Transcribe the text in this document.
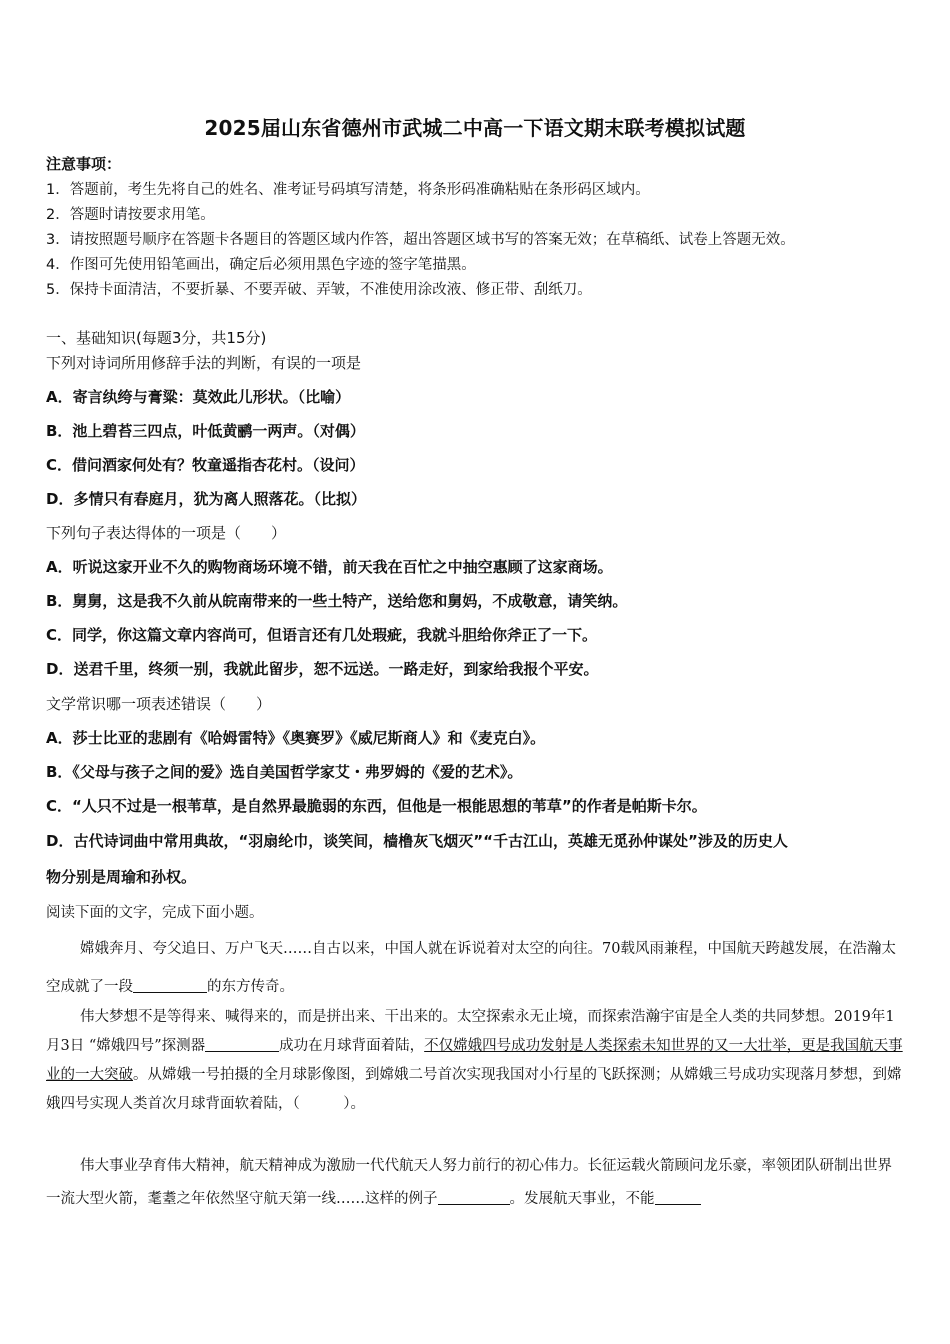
2025届山东省德州市武城二中高一下语文期末联考模拟试题
注意事项：
1．答题前，考生先将自己的姓名、准考证号码填写清楚，将条形码准确粘贴在条形码区域内。
2．答题时请按要求用笔。
3．请按照题号顺序在答题卡各题目的答题区域内作答，超出答题区域书写的答案无效；在草稿纸、试卷上答题无效。
4．作图可先使用铅笔画出，确定后必须用黑色字迹的签字笔描黑。
5．保持卡面清洁，不要折暴、不要弄破、弄皱，不准使用涂改液、修正带、刮纸刀。
一、基础知识(每题3分，共15分)
下列对诗词所用修辞手法的判断，有误的一项是
A．寄言纨绔与膏粱：莫效此儿形状。（比喻）
B．池上碧苔三四点，叶低黄鹂一两声。（对偶）
C．借问酒家何处有？牧童遥指杏花村。（设问）
D．多情只有春庭月，犹为离人照落花。（比拟）
下列句子表达得体的一项是（　　）
A．听说这家开业不久的购物商场环境不错，前天我在百忙之中抽空惠顾了这家商场。
B．舅舅，这是我不久前从皖南带来的一些土特产，送给您和舅妈，不成敬意，请笑纳。
C．同学，你这篇文章内容尚可，但语言还有几处瑕疵，我就斗胆给你斧正了一下。
D．送君千里，终须一别，我就此留步，恕不远送。一路走好，到家给我报个平安。
文学常识哪一项表述错误（　　）
A．莎士比亚的悲剧有《哈姆雷特》《奥赛罗》《威尼斯商人》和《麦克白》。
B．《父母与孩子之间的爱》选自美国哲学家艾・弗罗姆的《爱的艺术》。
C．“人只不过是一根苇草，是自然界最脆弱的东西，但他是一根能思想的苇草”的作者是帕斯卡尔。
D．古代诗词曲中常用典故，“羽扇纶巾，谈笑间，樯橹灰飞烟灭”“千古江山，英雄无觅孙仲谋处”涉及的历史人
物分别是周瑜和孙权。
阅读下面的文字，完成下面小题。
嫦娥奔月、夸父追日、万户飞天……自古以来，中国人就在诉说着对太空的向往。70载风雨兼程，中国航天跨越发展，在浩瀚太空成就了一段	的东方传奇。
伟大梦想不是等得来、喊得来的，而是拼出来、干出来的。太空探索永无止境，而探索浩瀚宇宙是全人类的共同梦想。2019年1月3日 “嫦娥四号”探测器	成功在月球背面着陆，不仅嫦娥四号成功发射是人类探索未知世界的又一大壮举，更是我国航天事业的一大突破。从嫦娥一号拍摄的全月球影像图，到嫦娥二号首次实现我国对小行星的飞跃探测；从嫦娥三号成功实现落月梦想，到嫦娥四号实现人类首次月球背面软着陆，（　　　）。
伟大事业孕育伟大精神，航天精神成为激励一代代航天人努力前行的初心伟力。长征运载火箭顾问龙乐豪，率领团队研制出世界一流大型火箭，耄耋之年依然坚守航天第一线……这样的例子	。发展航天事业，不能
